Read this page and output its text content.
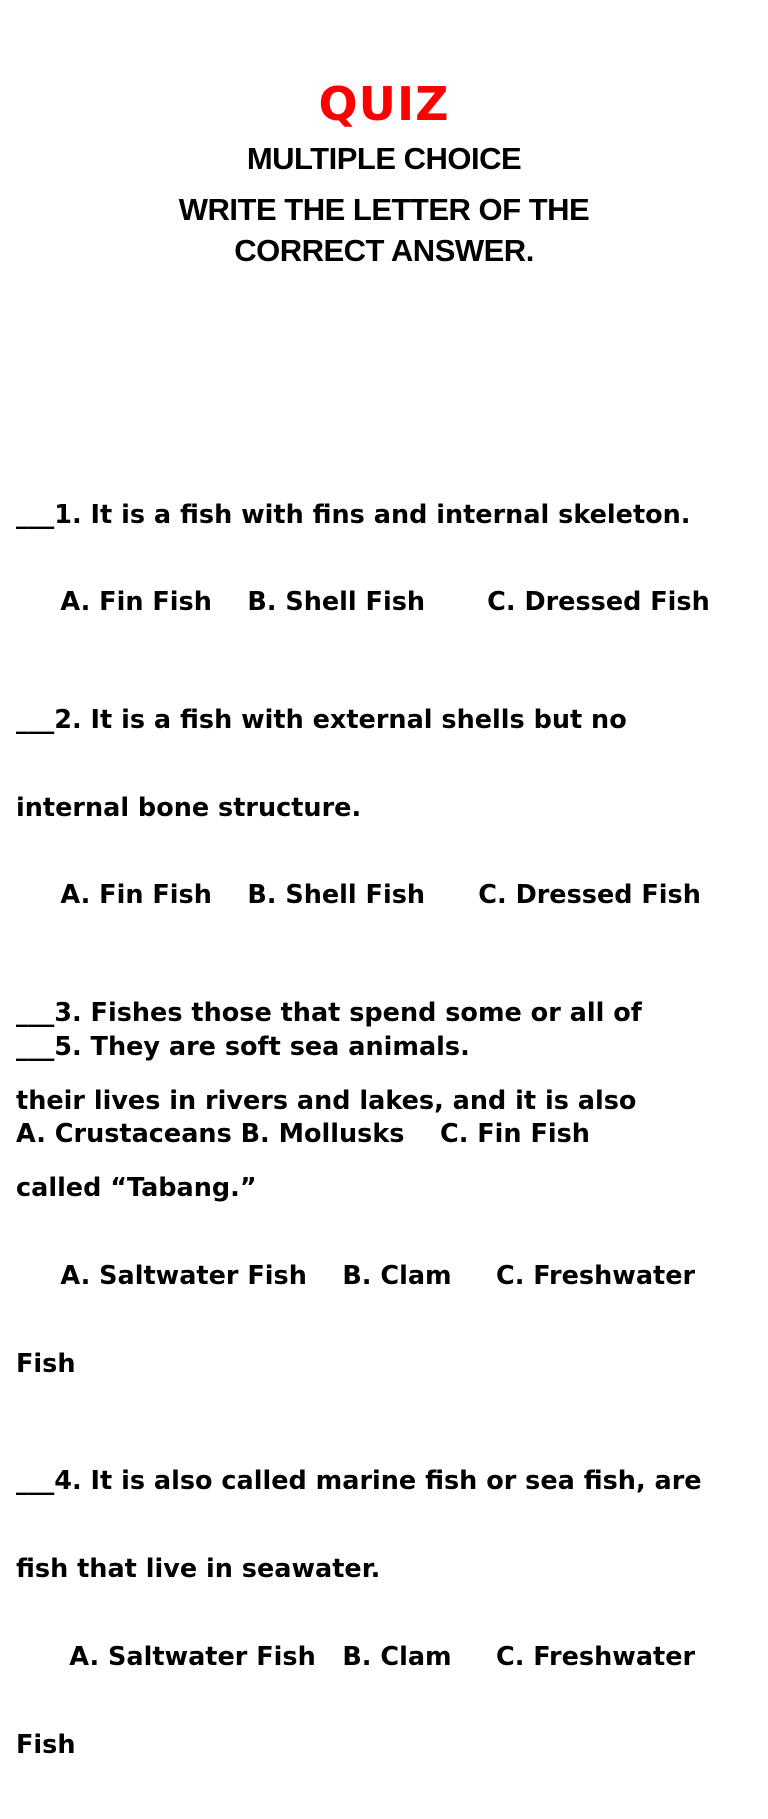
QUIZ
MULTIPLE CHOICE
WRITE THE LETTER OF THE
CORRECT ANSWER.

___1. It is a fish with fins and internal skeleton.

A. Fin Fish    B. Shell Fish       C. Dressed Fish

___2. It is a fish with external shells but no

internal bone structure.

A. Fin Fish    B. Shell Fish      C. Dressed Fish

___3. Fishes those that spend some or all of

their lives in rivers and lakes, and it is also

called “Tabang.”

A. Saltwater Fish    B. Clam     C. Freshwater

Fish

___4. It is also called marine fish or sea fish, are

fish that live in seawater.

A. Saltwater Fish   B. Clam     C. Freshwater

Fish

___5. They are soft sea animals.

A. Crustaceans B. Mollusks    C. Fin Fish
